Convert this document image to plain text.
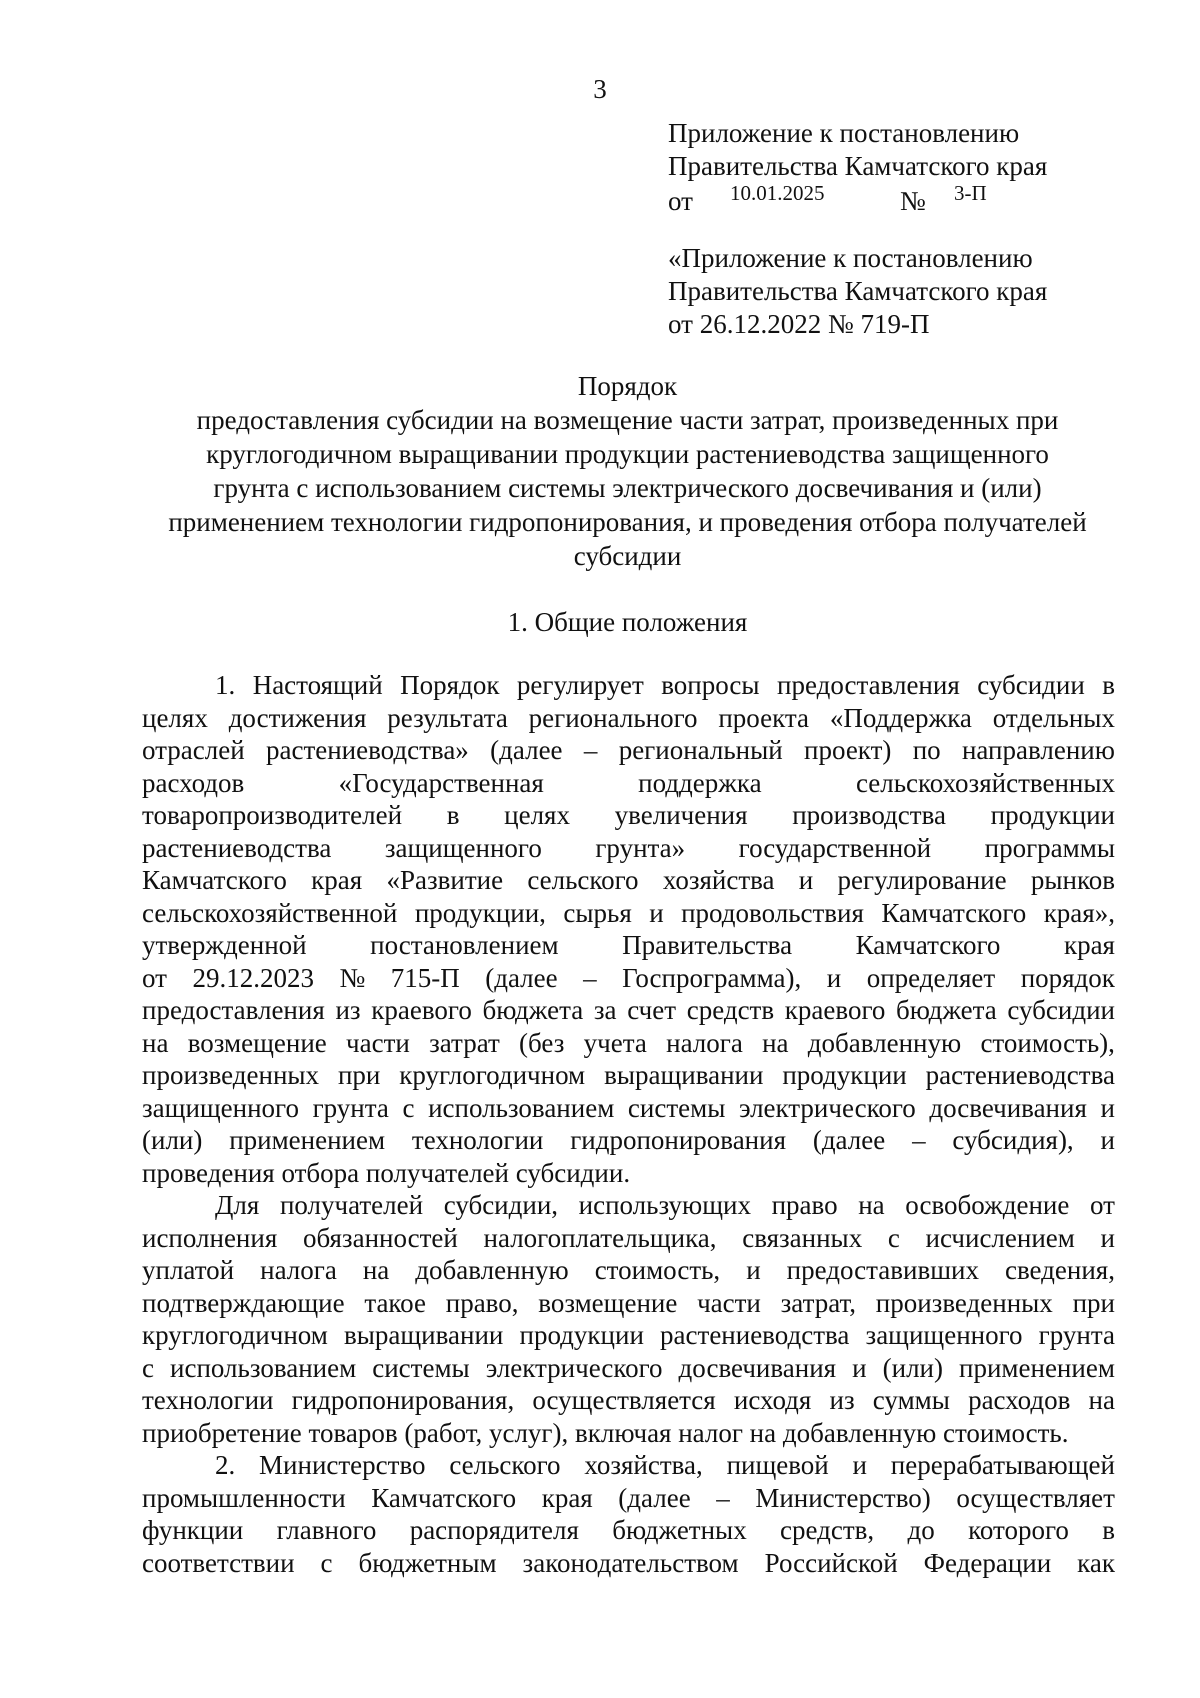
3
Приложение к постановлению
Правительства Камчатского края
от 10.01.2025	№ 3-П
«Приложение к постановлению
Правительства Камчатского края
от 26.12.2022 № 719-П
Порядок
предоставления субсидии на возмещение части затрат, произведенных при
круглогодичном выращивании продукции растениеводства защищенного
грунта с использованием системы электрического досвечивания и (или)
применением технологии гидропонирования, и проведения отбора получателей
субсидии
1. Общие положения
1. Настоящий Порядок регулирует вопросы предоставления субсидии в
целях достижения результата регионального проекта «Поддержка отдельных
отраслей растениеводства» (далее – региональный проект) по направлению
расходов	«Государственная	поддержка	сельскохозяйственных
товаропроизводителей в целях увеличения производства продукции
растениеводства защищенного грунта» государственной программы
Камчатского края «Развитие сельского хозяйства и регулирование рынков
сельскохозяйственной продукции, сырья и продовольствия Камчатского края»,
утвержденной постановлением Правительства Камчатского края
от 29.12.2023 № 715-П (далее – Госпрограмма), и определяет порядок
предоставления из краевого бюджета за счет средств краевого бюджета субсидии
на возмещение части затрат (без учета налога на добавленную стоимость),
произведенных при круглогодичном выращивании продукции растениеводства
защищенного грунта с использованием системы электрического досвечивания и
(или) применением технологии гидропонирования (далее – субсидия), и
проведения отбора получателей субсидии.
Для получателей субсидии, использующих право на освобождение от
исполнения обязанностей налогоплательщика, связанных с исчислением и
уплатой налога на добавленную стоимость, и предоставивших сведения,
подтверждающие такое право, возмещение части затрат, произведенных при
круглогодичном выращивании продукции растениеводства защищенного грунта
с использованием системы электрического досвечивания и (или) применением
технологии гидропонирования, осуществляется исходя из суммы расходов на
приобретение товаров (работ, услуг), включая налог на добавленную стоимость.
2. Министерство сельского хозяйства, пищевой и перерабатывающей
промышленности Камчатского края (далее – Министерство) осуществляет
функции главного распорядителя бюджетных средств, до которого в
соответствии с бюджетным законодательством Российской Федерации как
